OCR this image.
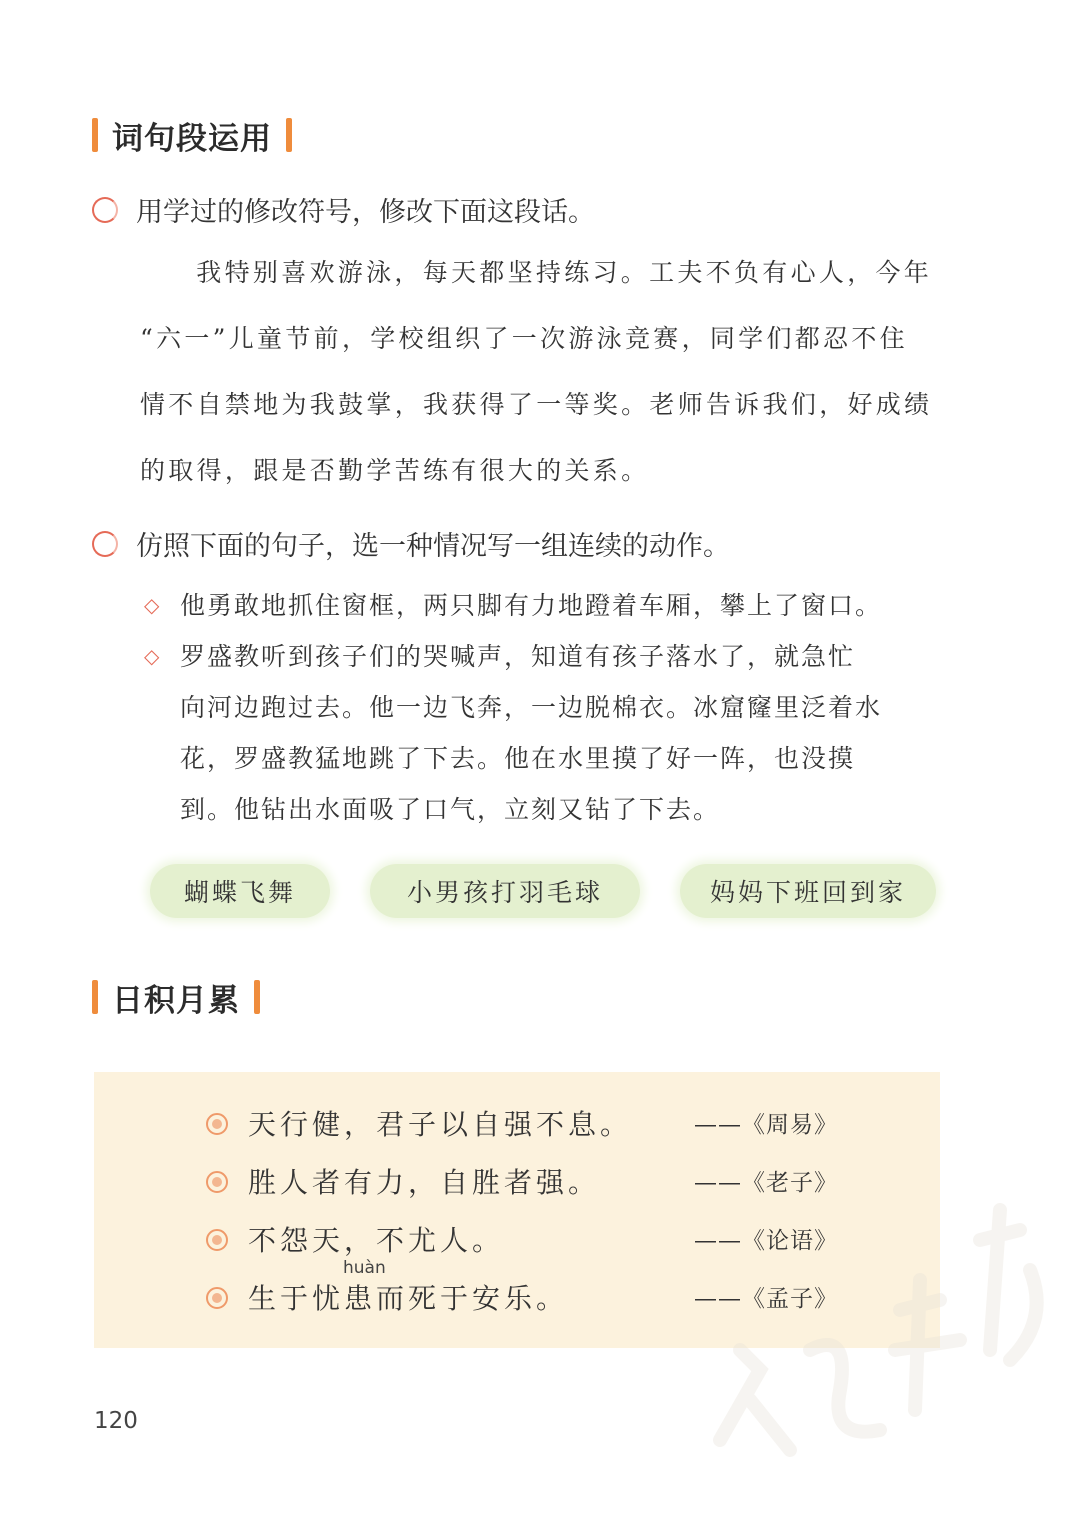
词句段运用
用学过的修改符号，修改下面这段话。
　我特别喜欢游泳，每天都坚持练习。工夫不负有心人，今年
“六一”儿童节前，学校组织了一次游泳竞赛，同学们都忍不住
情不自禁地为我鼓掌，我获得了一等奖。老师告诉我们，好成绩
的取得，跟是否勤学苦练有很大的关系。
仿照下面的句子，选一种情况写一组连续的动作。
◇ 他勇敢地抓住窗框，两只脚有力地蹬着车厢，攀上了窗口。
◇ 罗盛教听到孩子们的哭喊声，知道有孩子落水了，就急忙
向河边跑过去。他一边飞奔，一边脱棉衣。冰窟窿里泛着水
花，罗盛教猛地跳了下去。他在水里摸了好一阵，也没摸
到。他钻出水面吸了口气，立刻又钻了下去。
蝴蝶飞舞	小男孩打羽毛球	妈妈下班回到家
日积月累
天行健，君子以自强不息。	——《周易》
胜人者有力，自胜者强。	——《老子》
不怨天，不尤人。	——《论语》
huàn
生于忧患而死于安乐。	——《孟子》
120
